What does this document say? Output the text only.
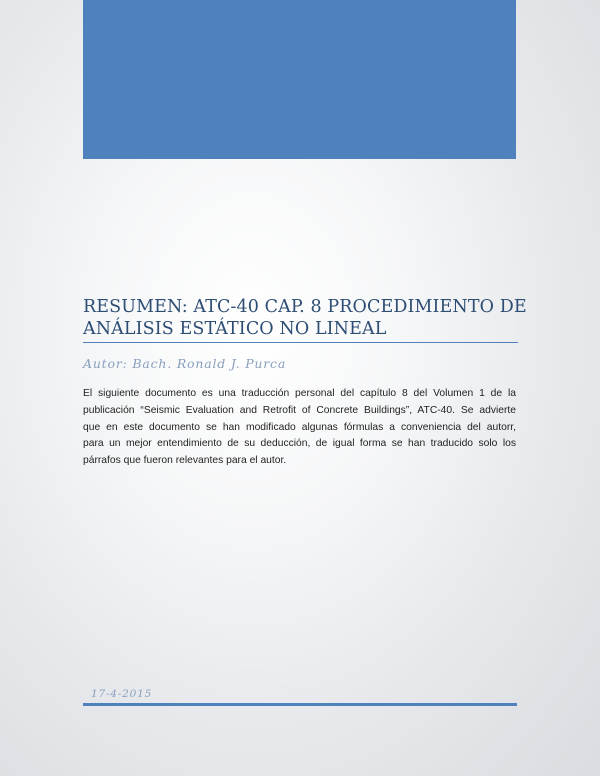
RESUMEN: ATC-40 CAP. 8 PROCEDIMIENTO DE
ANÁLISIS ESTÁTICO NO LINEAL
Autor: Bach. Ronald J. Purca
El siguiente documento es una traducción personal del capítulo 8 del Volumen 1 de la
publicación “Seismic Evaluation and Retrofit of Concrete Buildings”, ATC-40. Se advierte
que en este documento se han modificado algunas fórmulas a conveniencia del autorr,
para un mejor entendimiento de su deducción, de igual forma se han traducido solo los
párrafos que fueron relevantes para el autor.
17-4-2015
